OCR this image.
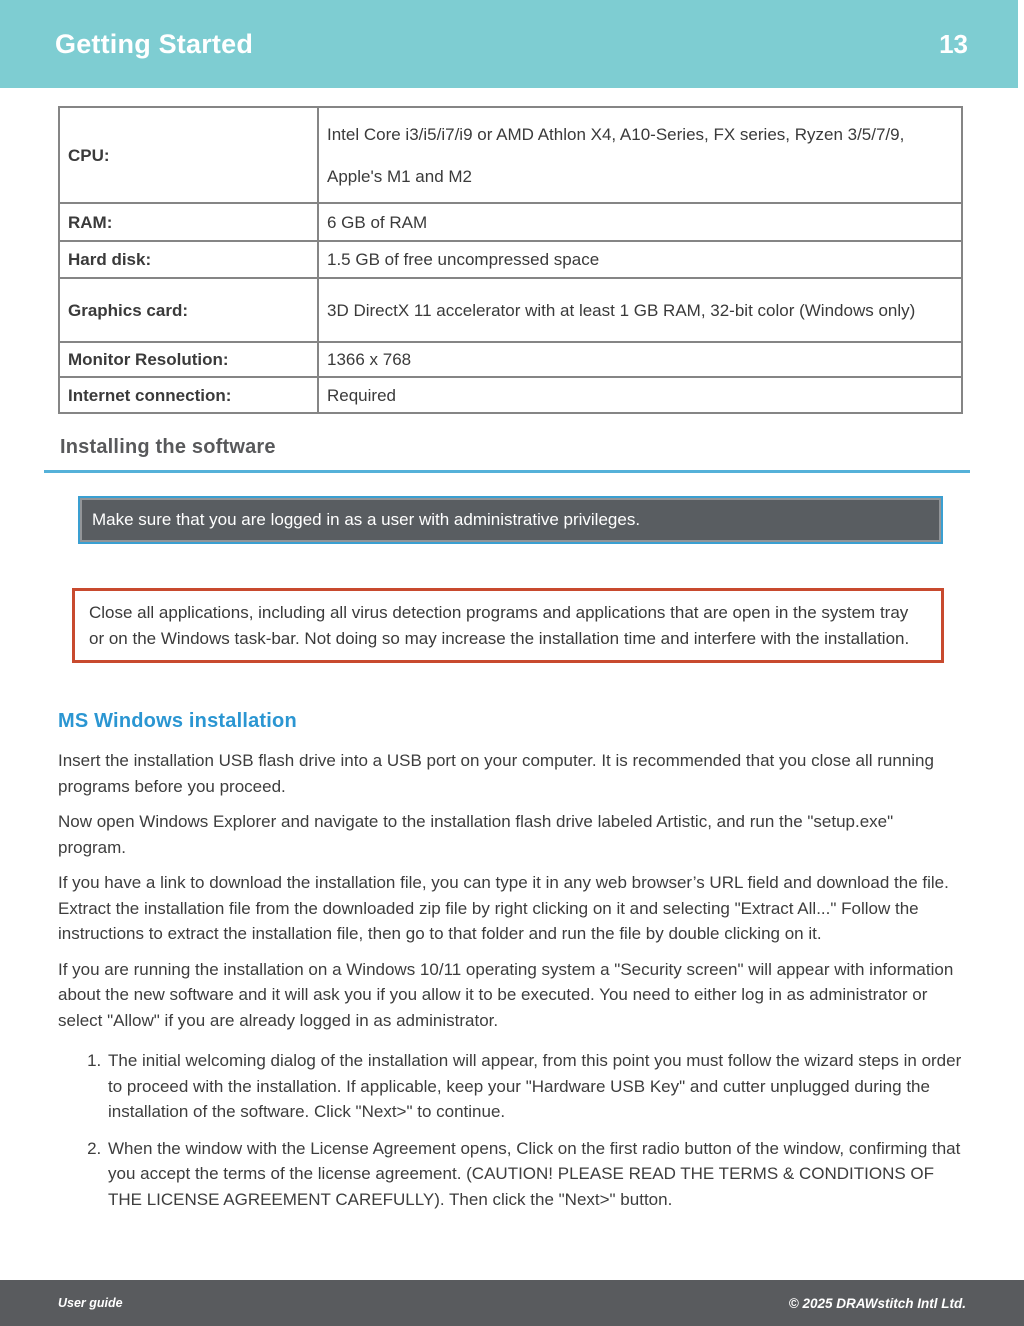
Getting Started	13
CPU:	Intel Core i3/i5/i7/i9 or AMD Athlon X4, A10-Series, FX series, Ryzen 3/5/7/9,

Apple's M1 and M2

RAM:	6 GB of RAM

Hard disk:	1.5 GB of free uncompressed space

Graphics card:	3D DirectX 11 accelerator with at least 1 GB RAM, 32-bit color (Windows only)

Monitor Resolution:	1366 x 768

Internet connection:	Required

Installing the software

Make sure that you are logged in as a user with administrative privileges.

Close all applications, including all virus detection programs and applications that are open in the system tray or on the Windows task-bar. Not doing so may increase the installation time and interfere with the installation.

MS Windows installation

Insert the installation USB flash drive into a USB port on your computer. It is recommended that you close all running programs before you proceed.

Now open Windows Explorer and navigate to the installation flash drive labeled Artistic, and run the "setup.exe" program.

If you have a link to download the installation file, you can type it in any web browser’s URL field and download the file. Extract the installation file from the downloaded zip file by right clicking on it and selecting "Extract All..." Follow the instructions to extract the installation file, then go to that folder and run the file by double clicking on it.

If you are running the installation on a Windows 10/11 operating system a "Security screen" will appear with information about the new software and it will ask you if you allow it to be executed. You need to either log in as administrator or select "Allow" if you are already logged in as administrator.

1. The initial welcoming dialog of the installation will appear, from this point you must follow the wizard steps in order to proceed with the installation. If applicable, keep your "Hardware USB Key" and cutter unplugged during the installation of the software. Click "Next>" to continue.
2. When the window with the License Agreement opens, Click on the first radio button of the window, confirming that you accept the terms of the license agreement. (CAUTION! PLEASE READ THE TERMS & CONDITIONS OF THE LICENSE AGREEMENT CAREFULLY). Then click the "Next>" button.
User guide	© 2025 DRAWstitch Intl Ltd.
